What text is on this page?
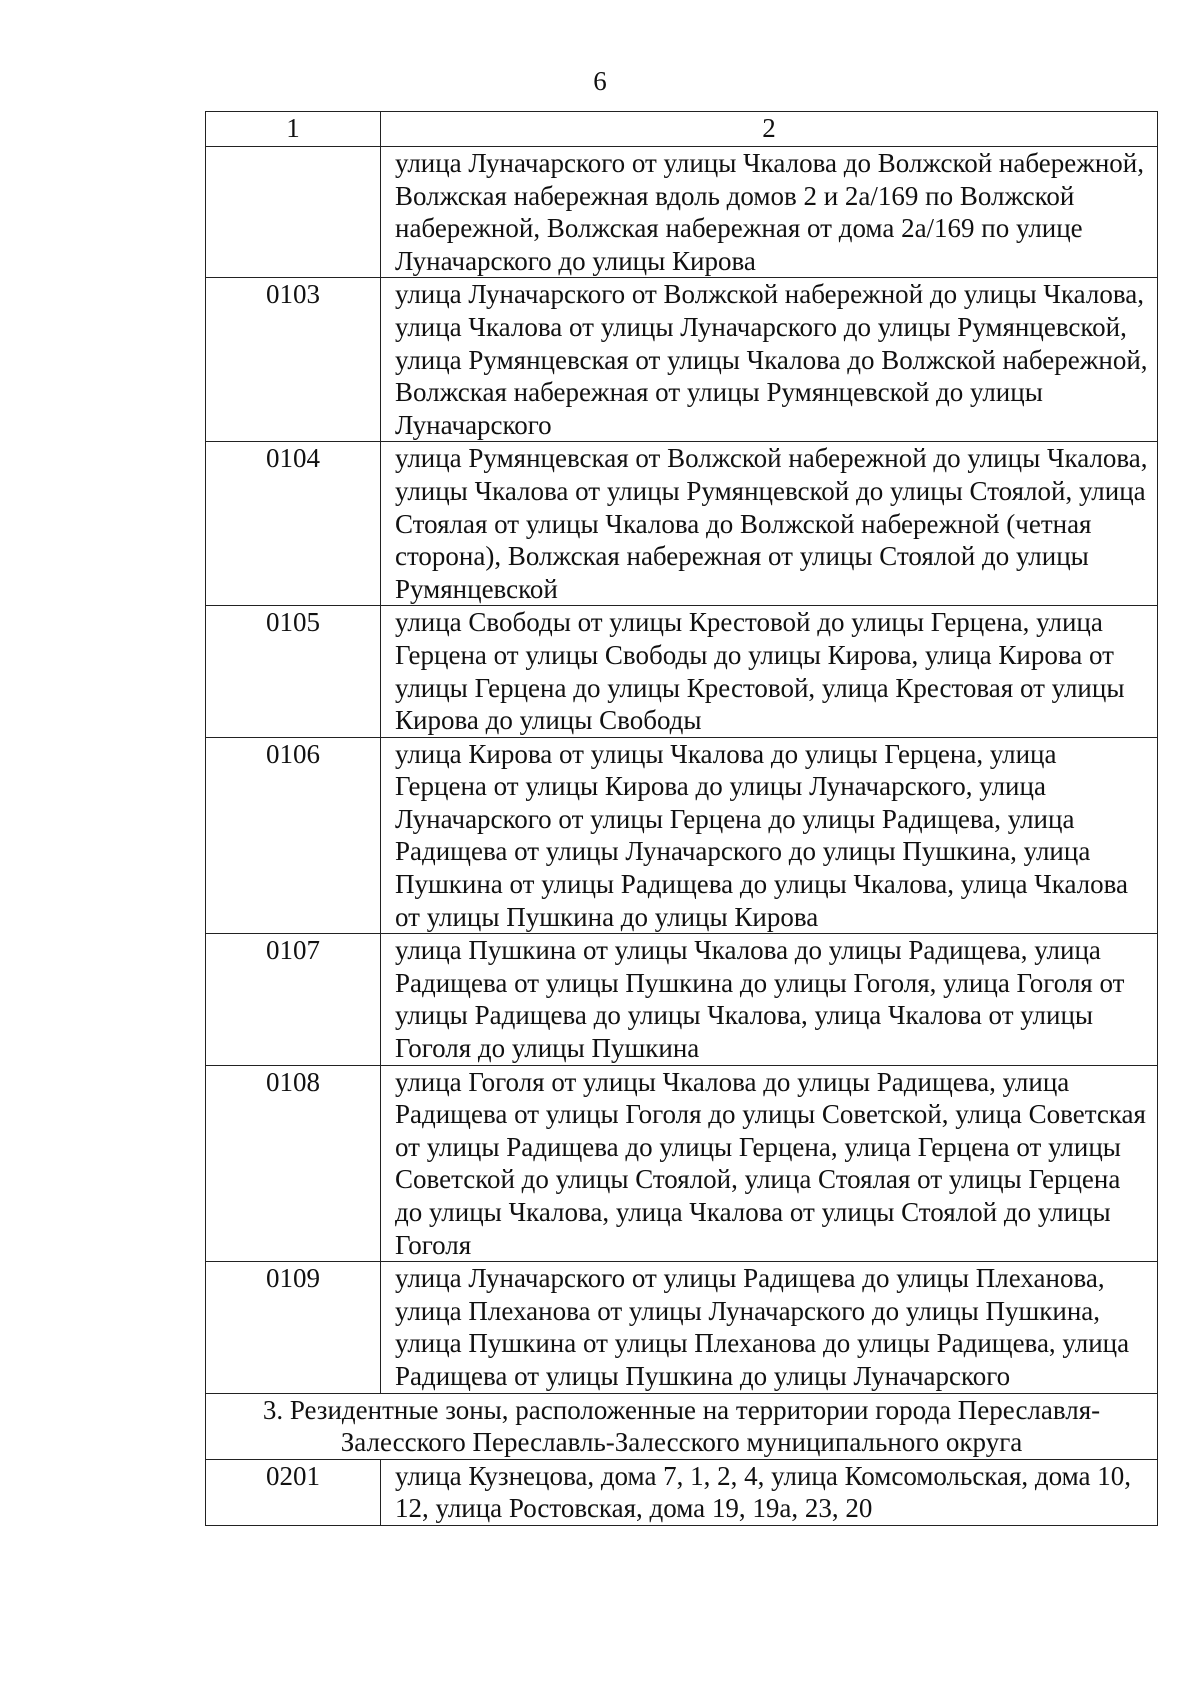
6
1	2
	улица Луначарского от улицы Чкалова до Волжской набережной, Волжская набережная вдоль домов 2 и 2а/169 по Волжской набережной, Волжская набережная от дома 2а/169 по улице Луначарского до улицы Кирова
0103	улица Луначарского от Волжской набережной до улицы Чкалова, улица Чкалова от улицы Луначарского до улицы Румянцевской, улица Румянцевская от улицы Чкалова до Волжской набережной, Волжская набережная от улицы Румянцевской до улицы Луначарского
0104	улица Румянцевская от Волжской набережной до улицы Чкалова, улицы Чкалова от улицы Румянцевской до улицы Стоялой, улица Стоялая от улицы Чкалова до Волжской набережной (четная сторона), Волжская набережная от улицы Стоялой до улицы Румянцевской
0105	улица Свободы от улицы Крестовой до улицы Герцена, улица Герцена от улицы Свободы до улицы Кирова, улица Кирова от улицы Герцена до улицы Крестовой, улица Крестовая от улицы Кирова до улицы Свободы
0106	улица Кирова от улицы Чкалова до улицы Герцена, улица Герцена от улицы Кирова до улицы Луначарского, улица Луначарского от улицы Герцена до улицы Радищева, улица Радищева от улицы Луначарского до улицы Пушкина, улица Пушкина от улицы Радищева до улицы Чкалова, улица Чкалова от улицы Пушкина до улицы Кирова
0107	улица Пушкина от улицы Чкалова до улицы Радищева, улица Радищева от улицы Пушкина до улицы Гоголя, улица Гоголя от улицы Радищева до улицы Чкалова, улица Чкалова от улицы Гоголя до улицы Пушкина
0108	улица Гоголя от улицы Чкалова до улицы Радищева, улица Радищева от улицы Гоголя до улицы Советской, улица Советская от улицы Радищева до улицы Герцена, улица Герцена от улицы Советской до улицы Стоялой, улица Стоялая от улицы Герцена до улицы Чкалова, улица Чкалова от улицы Стоялой до улицы Гоголя
0109	улица Луначарского от улицы Радищева до улицы Плеханова, улица Плеханова от улицы Луначарского до улицы Пушкина, улица Пушкина от улицы Плеханова до улицы Радищева, улица Радищева от улицы Пушкина до улицы Луначарского
3. Резидентные зоны, расположенные на территории города Переславля-Залесского Переславль-Залесского муниципального округа	
0201	улица Кузнецова, дома 7, 1, 2, 4, улица Комсомольская, дома 10, 12, улица Ростовская, дома 19, 19а, 23, 20
